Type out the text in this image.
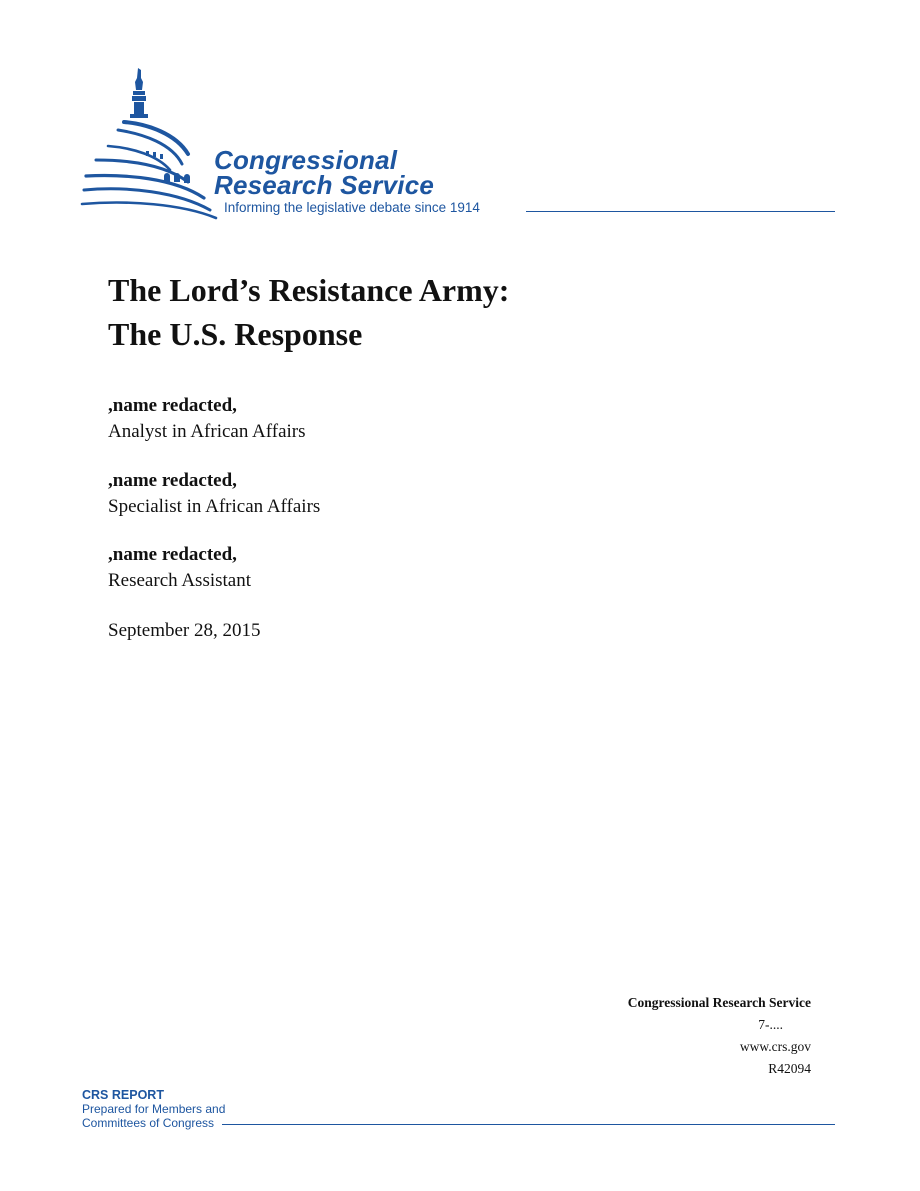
Congressional
Research Service
Informing the legislative debate since 1914
The Lord’s Resistance Army:
The U.S. Response
,name redacted,
Analyst in African Affairs
,name redacted,
Specialist in African Affairs
,name redacted,
Research Assistant
September 28, 2015
Congressional Research Service
7-....
www.crs.gov
R42094
CRS REPORT
Prepared for Members and
Committees of Congress
